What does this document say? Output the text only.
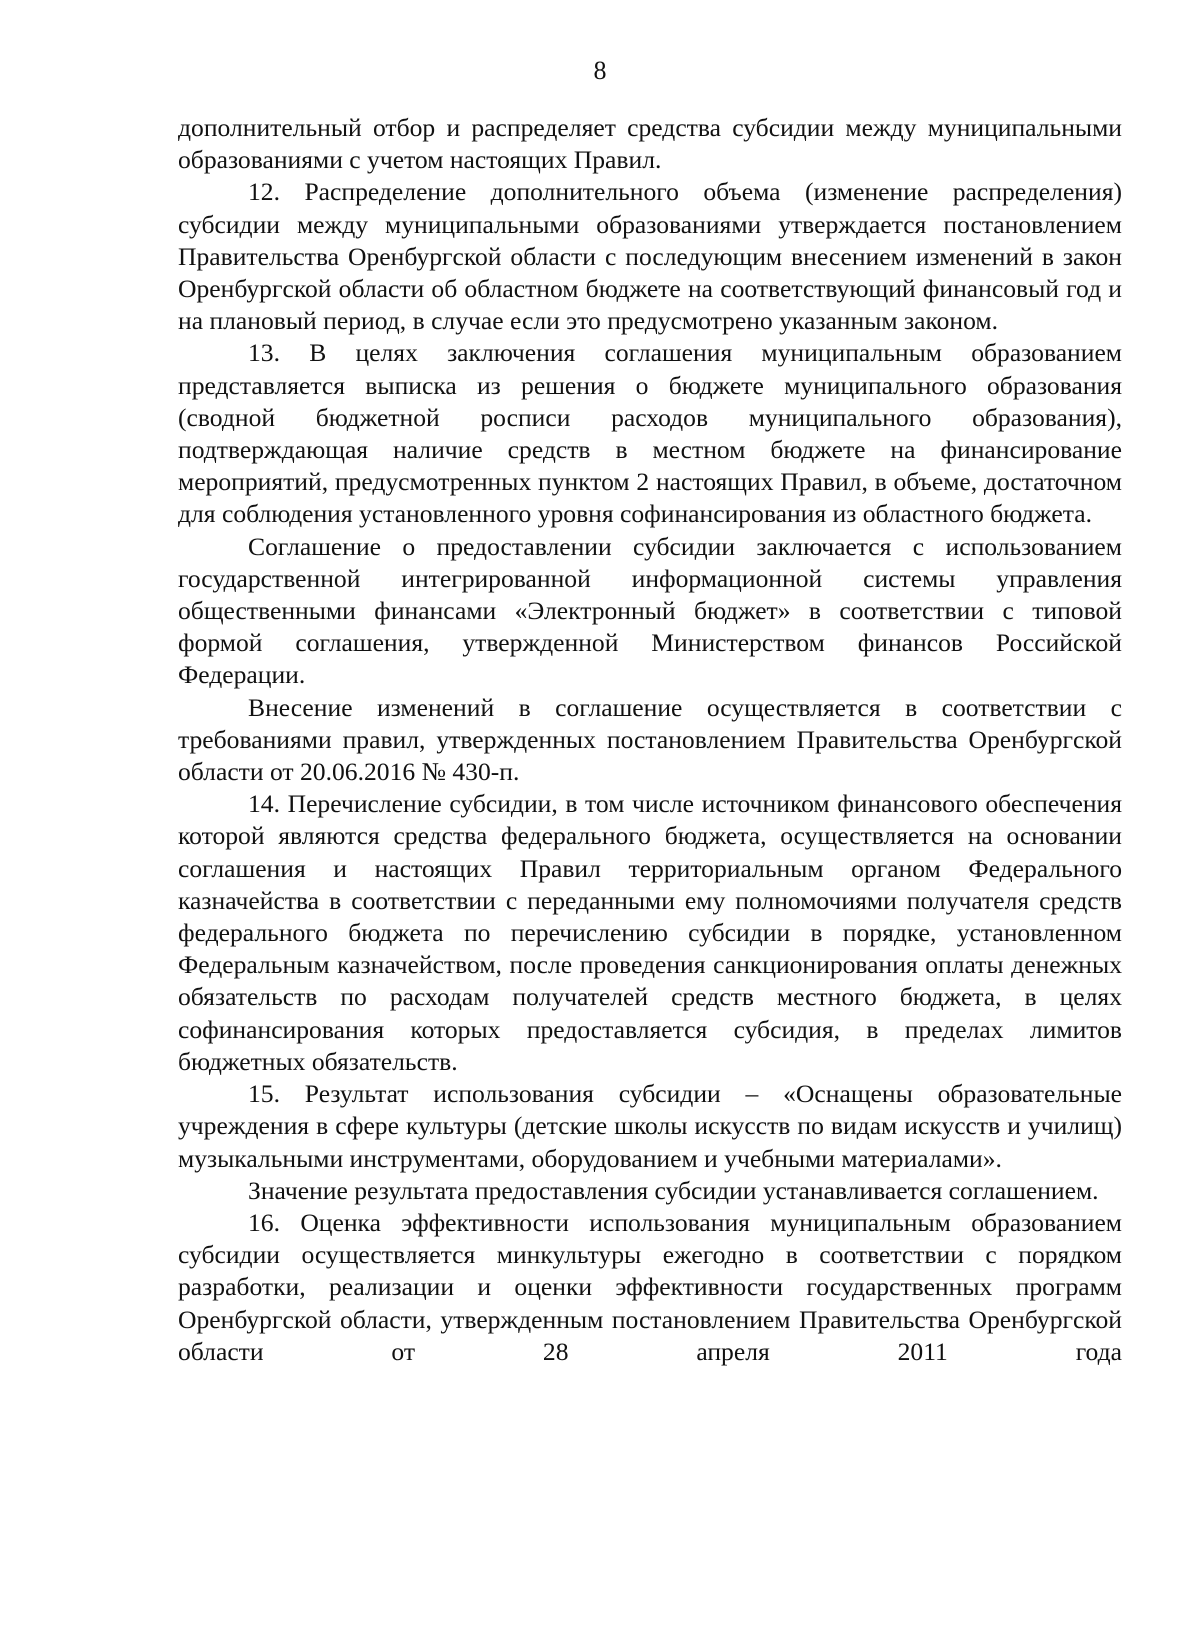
8

дополнительный отбор и распределяет средства субсидии между муниципальными образованиями с учетом настоящих Правил.

12. Распределение дополнительного объема (изменение распределения) субсидии между муниципальными образованиями утверждается постановлением Правительства Оренбургской области с последующим внесением изменений в закон Оренбургской области об областном бюджете на соответствующий финансовый год и на плановый период, в случае если это предусмотрено указанным законом.

13. В целях заключения соглашения муниципальным образованием представляется выписка из решения о бюджете муниципального образования (сводной бюджетной росписи расходов муниципального образования), подтверждающая наличие средств в местном бюджете на финансирование мероприятий, предусмотренных пунктом 2 настоящих Правил, в объеме, достаточном для соблюдения установленного уровня софинансирования из областного бюджета.

Соглашение о предоставлении субсидии заключается с использованием государственной интегрированной информационной системы управления общественными финансами «Электронный бюджет» в соответствии с типовой формой соглашения, утвержденной Министерством финансов Российской Федерации.

Внесение изменений в соглашение осуществляется в соответствии с требованиями правил, утвержденных постановлением Правительства Оренбургской области от 20.06.2016 № 430-п.

14. Перечисление субсидии, в том числе источником финансового обеспечения которой являются средства федерального бюджета, осуществляется на основании соглашения и настоящих Правил территориальным органом Федерального казначейства в соответствии с переданными ему полномочиями получателя средств федерального бюджета по перечислению субсидии в порядке, установленном Федеральным казначейством, после проведения санкционирования оплаты денежных обязательств по расходам получателей средств местного бюджета, в целях софинансирования которых предоставляется субсидия, в пределах лимитов бюджетных обязательств.

15. Результат использования субсидии – «Оснащены образовательные учреждения в сфере культуры (детские школы искусств по видам искусств и училищ) музыкальными инструментами, оборудованием и учебными материалами».

Значение результата предоставления субсидии устанавливается соглашением.

16. Оценка эффективности использования муниципальным образованием субсидии осуществляется минкультуры ежегодно в соответствии с порядком разработки, реализации и оценки эффективности государственных программ Оренбургской области, утвержденным постановлением Правительства Оренбургской области от 28 апреля 2011 года
